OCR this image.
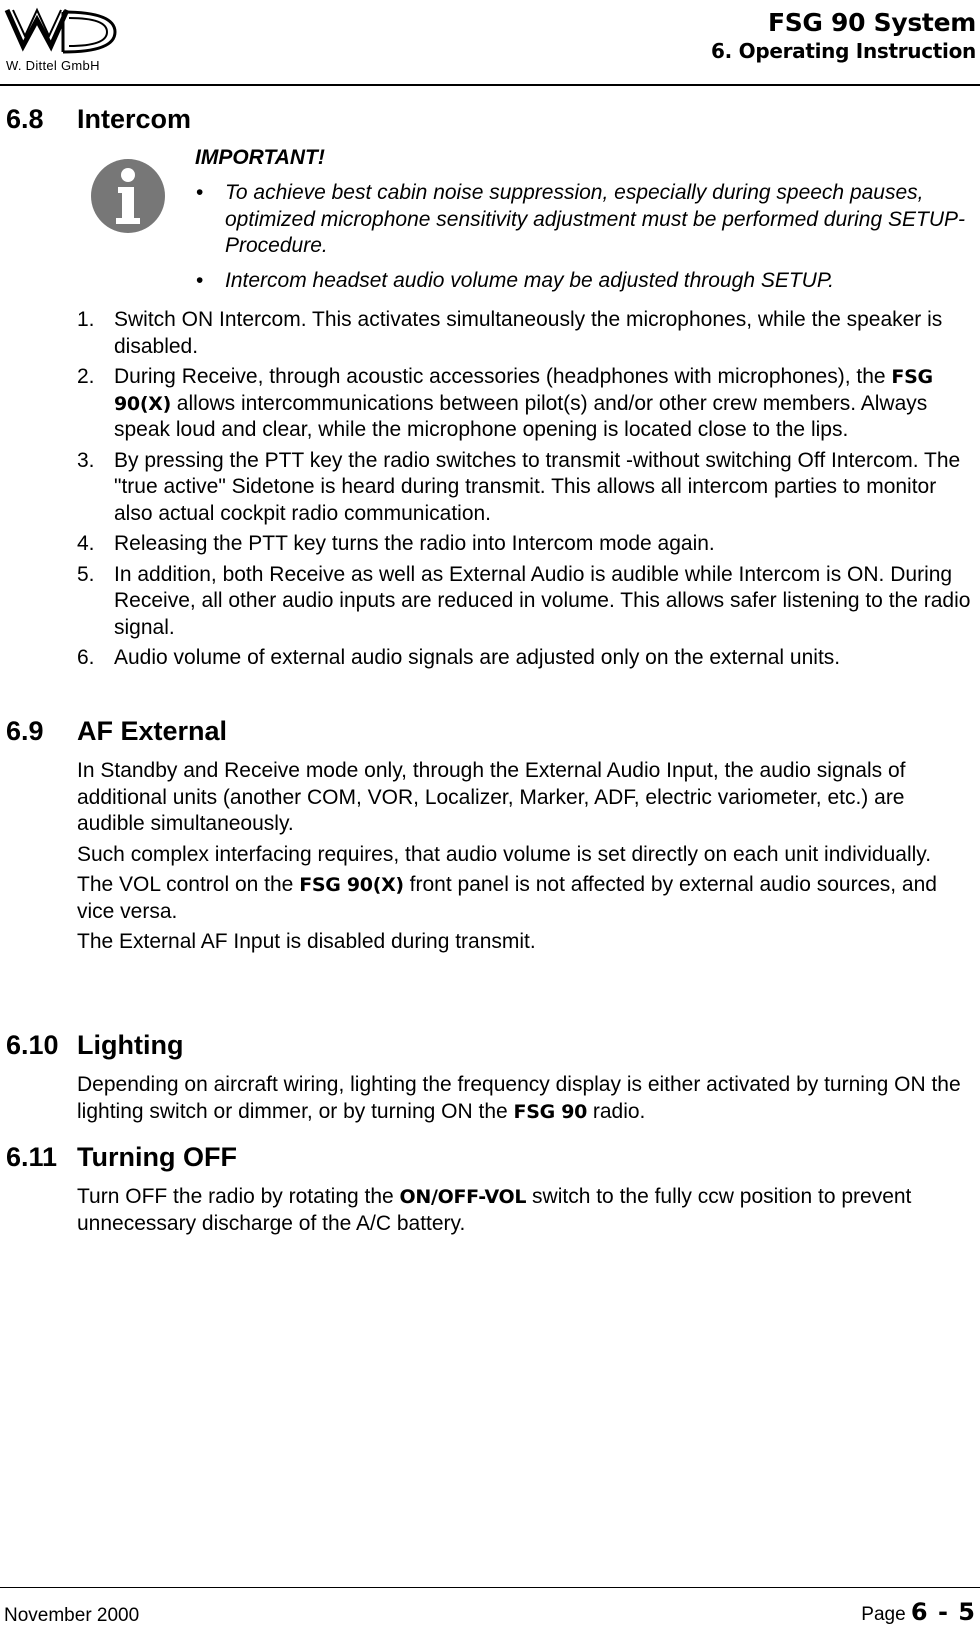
W. Dittel GmbH
FSG 90 System
6. Operating Instruction
6.8 Intercom
IMPORTANT!
• To achieve best cabin noise suppression, especially during speech pauses, optimized microphone sensitivity adjustment must be performed during SETUP-Procedure.
• Intercom headset audio volume may be adjusted through SETUP.
1. Switch ON Intercom. This activates simultaneously the microphones, while the speaker is disabled.
2. During Receive, through acoustic accessories (headphones with microphones), the FSG 90(X) allows intercommunications between pilot(s) and/or other crew members. Always speak loud and clear, while the microphone opening is located close to the lips.
3. By pressing the PTT key the radio switches to transmit -without switching Off Intercom. The "true active" Sidetone is heard during transmit. This allows all intercom parties to monitor also actual cockpit radio communication.
4. Releasing the PTT key turns the radio into Intercom mode again.
5. In addition, both Receive as well as External Audio is audible while Intercom is ON. During Receive, all other audio inputs are reduced in volume. This allows safer listening to the radio signal.
6. Audio volume of external audio signals are adjusted only on the external units.
6.9 AF External

In Standby and Receive mode only, through the External Audio Input, the audio signals of additional units (another COM, VOR, Localizer, Marker, ADF, electric variometer, etc.) are audible simultaneously.

Such complex interfacing requires, that audio volume is set directly on each unit individually.

The VOL control on the FSG 90(X) front panel is not affected by external audio sources, and vice versa.

The External AF Input is disabled during transmit.

6.10 Lighting

Depending on aircraft wiring, lighting the frequency display is either activated by turning ON the lighting switch or dimmer, or by turning ON the FSG 90 radio.

6.11 Turning OFF

Turn OFF the radio by rotating the ON/OFF-VOL switch to the fully ccw position to prevent unnecessary discharge of the A/C battery.

November 2000	Page 6 - 5
